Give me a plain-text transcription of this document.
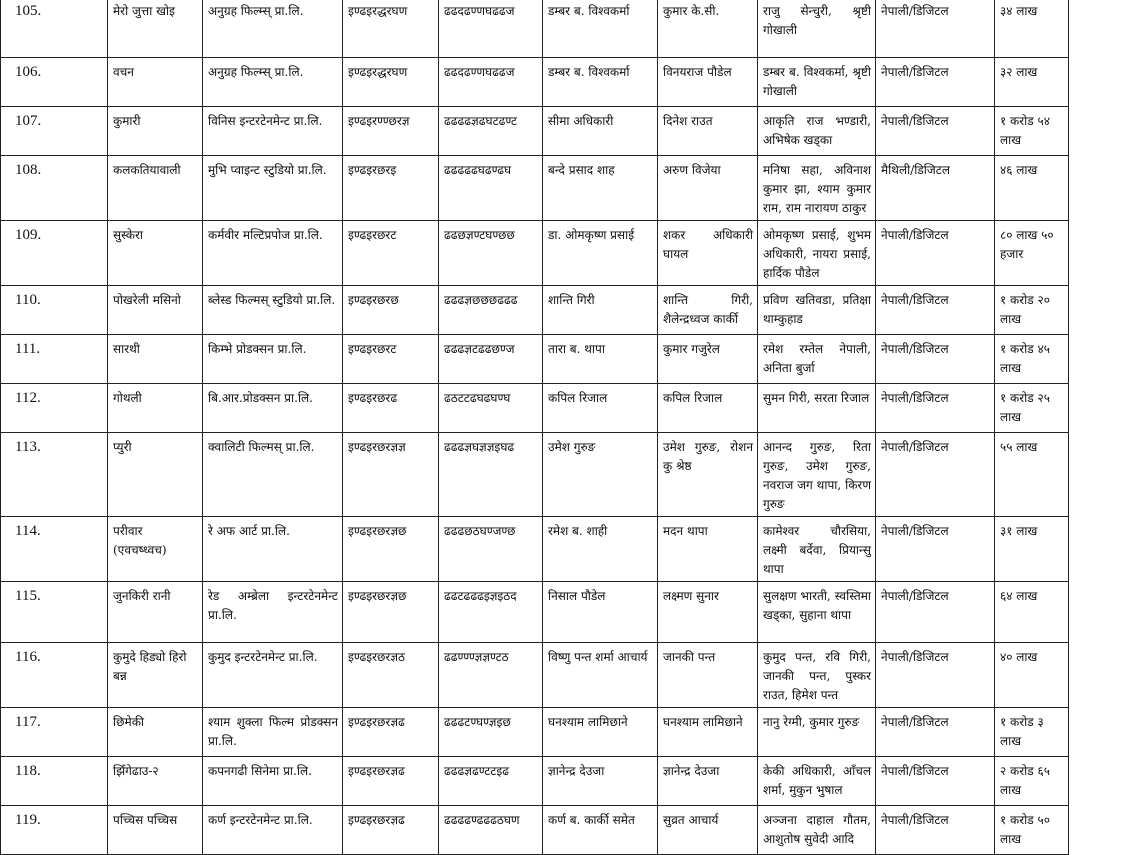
105.	मेरो जुत्ता खोइ	अनुग्रह फिल्म्स् प्रा.लि.	इण्ढइरद्धरघण	ढढदढण्णघढढज	डम्बर ब. विश्वकर्मा	कुमार के.सी.	राजु सेन्चुरी, श्रृष्टी गोखाली	नेपाली/डिजिटल	३४ लाख
106.	वचन	अनुग्रह फिल्म्स् प्रा.लि.	इण्ढइरद्धरघण	ढढदढण्णघढढज	डम्बर ब. विश्वकर्मा	विनयराज पौडेल	डम्बर ब. विश्वकर्मा, श्रृष्टी गोखाली	नेपाली/डिजिटल	३२ लाख
107.	कुमारी	विनिस इन्टरटेनमेन्ट प्रा.लि.	इण्ढइरण्ण्छरज्ञ	ढढढढज्ञढघटढण्ट	सीमा अधिकारी	दिनेश राउत	आकृति राज भण्डारी, अभिषेक खड्का	नेपाली/डिजिटल	१ करोड ५४ लाख
108.	कलकतियावाली	मुभि प्वाइन्ट स्टुडियो प्रा.लि.	इण्ढइरछरइ	ढढढढढघढण्ढघ	बन्दे प्रसाद शाह	अरुण विजेया	मनिषा सहा, अविनाश कुमार झा, श्याम कुमार राम, राम नारायण ठाकुर	मैथिली/डिजिटल	४६ लाख
109.	सुस्केरा	कर्मवीर मल्टिप्रपोज प्रा.लि.	इण्ढइरछरट	ढढछज्ञण्टघण्छछ	डा. ओमकृष्ण प्रसाई	शकर अधिकारी घायल	ओमकृष्ण प्रसाई, शुभम अधिकारी, नायरा प्रसाई, हार्दिक पौडेल	नेपाली/डिजिटल	८० लाख ५० हजार
110.	पोखरेली मसिनो	ब्लेस्ड फिल्मस् स्टुडियो प्रा.लि.	इण्ढइरछरछ	ढढढज्ञछछछढढढ	शान्ति गिरी	शान्ति गिरी, शैलेन्द्रध्वज कार्की	प्रविण खतिवडा, प्रतिक्षा थाम्कुहाड	नेपाली/डिजिटल	१ करोड २० लाख
111.	सारथी	किम्भे प्रोडक्सन प्रा.लि.	इण्ढइरछरट	ढढढज्ञटढढछण्ज	तारा ब. थापा	कुमार गजुरेल	रमेश रम्तेल नेपाली, अनिता बुर्जा	नेपाली/डिजिटल	१ करोड ४५ लाख
112.	गोथली	बि.आर.प्रोडक्सन प्रा.लि.	इण्ढइरछरढ	ढठटटढघढघण्घ	कपिल रिजाल	कपिल रिजाल	सुमन गिरी, सरता रिजाल	नेपाली/डिजिटल	१ करोड २५ लाख
113.	प्युरी	क्वालिटी फिल्मस् प्रा.लि.	इण्ढइरछरज्ञज्ञ	ढढढज्ञघज्ञज्ञइघढ	उमेश गुरुङ	उमेश गुरुङ, रोशन कु श्रेष्ठ	आनन्द गुरुङ, रिता गुरुङ, उमेश गुरुङ, नवराज जग थापा, किरण गुरुङ	नेपाली/डिजिटल	५५ लाख
114.	परीवार (एवचष्ध्वच)	रे अफ आर्ट प्रा.लि.	इण्ढइरछरज्ञछ	ढढढछठघण्जण्छ	रमेश ब. शाही	मदन थापा	कामेश्वर चौरसिया, लक्ष्मी बर्देवा, प्रियान्सु थापा	नेपाली/डिजिटल	३१ लाख
115.	जुनकिरी रानी	रेड अम्ब्रेला इन्टरटेनमेन्ट प्रा.लि.	इण्ढइरछरज्ञछ	ढढटढढढइज्ञइठद	निसाल पौडेल	लक्ष्मण सुनार	सुलक्षण भारती, स्वस्तिमा खड्का, सुहाना थापा	नेपाली/डिजिटल	६४ लाख
116.	कुमुदे हिड्यो हिरो बन्न	कुमुद इन्टरटेनमेन्ट प्रा.लि.	इण्ढइरछरज्ञठ	ढढण्ण्ण्ज्ञज्ञण्टठ	विष्णु पन्त शर्मा आचार्य	जानकी पन्त	कुमुद पन्त, रवि गिरी, जानकी पन्त, पुस्कर राउत, हिमेश पन्त	नेपाली/डिजिटल	४० लाख
117.	छिमेकी	श्याम शुक्ला फिल्म प्रोडक्सन प्रा.लि.	इण्ढइरछरज्ञढ	ढढढटण्घण्ज्ञइछ	घनश्याम लामिछाने	घनश्याम लामिछाने	नानु रेग्मी, कुमार गुरुङ	नेपाली/डिजिटल	१ करोड ३ लाख
118.	झिँगेढाउ-२	कपनगढी सिनेमा प्रा.लि.	इण्ढइरछरज्ञढ	ढढढज्ञढण्टटइढ	ज्ञानेन्द्र देउजा	ज्ञानेन्द्र देउजा	केकी अधिकारी, आँचल शर्मा, मुकुन भुषाल	नेपाली/डिजिटल	२ करोड ६५ लाख
119.	पच्चिस पच्चिस	कर्ण इन्टरटेनमेन्ट प्रा.लि.	इण्ढइरछरज्ञढ	ढढढढण्ढढढठघण	कर्ण ब. कार्की समेत	सुव्रत आचार्य	अञ्जना दाहाल गौतम, आशुतोष सुवेदी आदि	नेपाली/डिजिटल	१ करोड ५० लाख
